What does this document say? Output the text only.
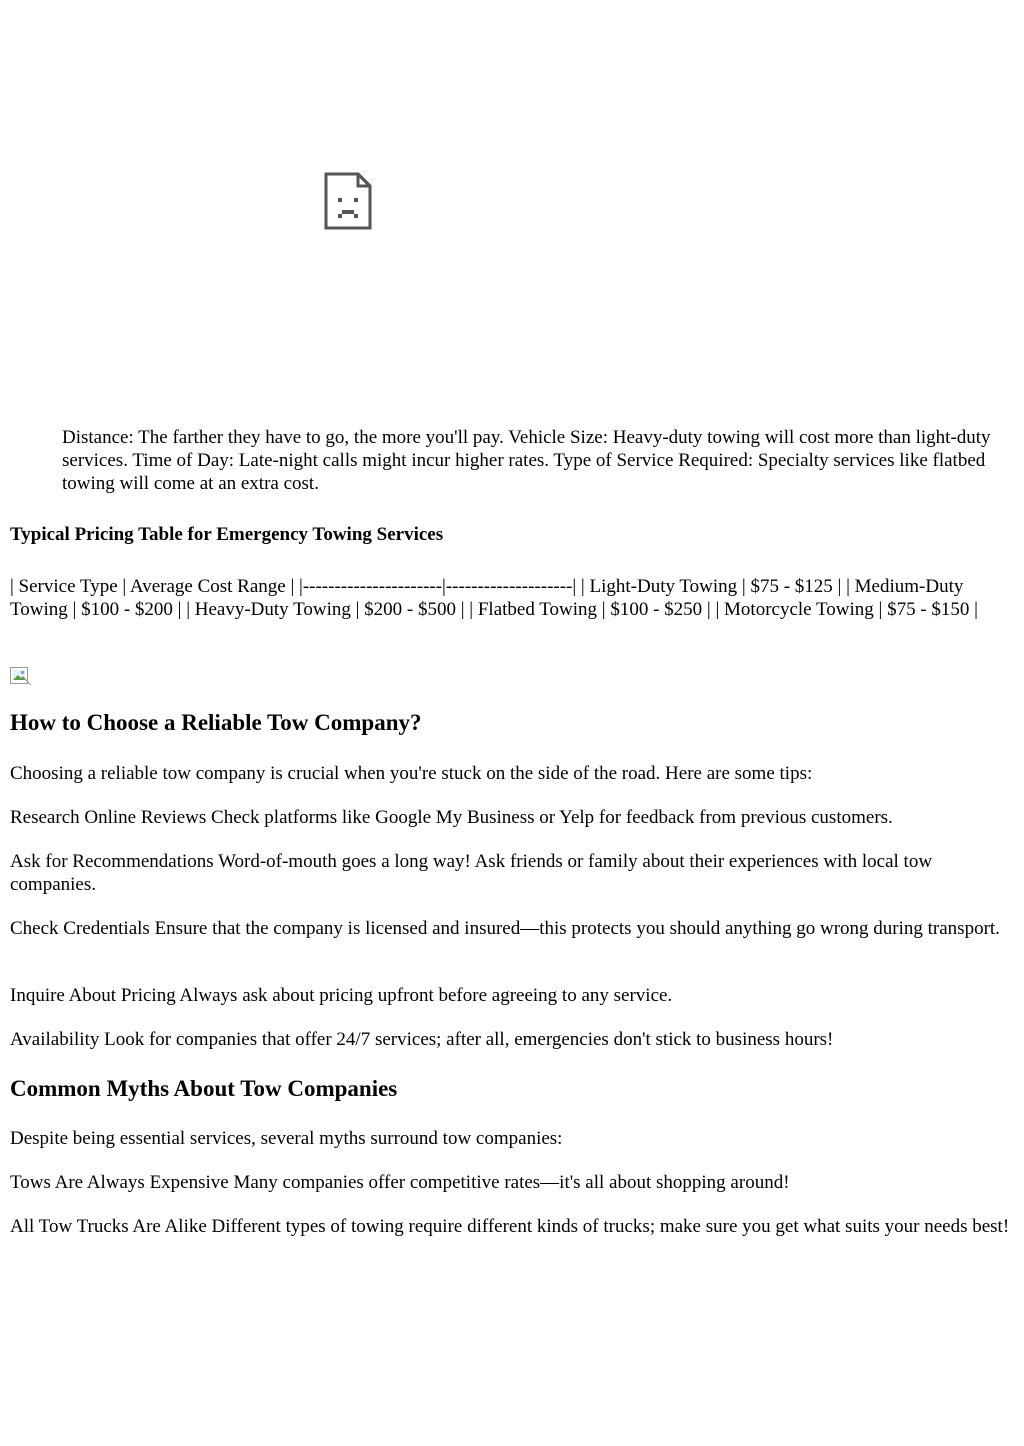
Distance: The farther they have to go, the more you'll pay. Vehicle Size: Heavy-duty towing will cost more than light-duty services. Time of Day: Late-night calls might incur higher rates. Type of Service Required: Specialty services like flatbed towing will come at an extra cost.

Typical Pricing Table for Emergency Towing Services

| Service Type | Average Cost Range | |----------------------|--------------------| | Light-Duty Towing | $75 - $125 | | Medium-Duty Towing | $100 - $200 | | Heavy-Duty Towing | $200 - $500 | | Flatbed Towing | $100 - $250 | | Motorcycle Towing | $75 - $150 |

How to Choose a Reliable Tow Company?

Choosing a reliable tow company is crucial when you're stuck on the side of the road. Here are some tips:

Research Online Reviews Check platforms like Google My Business or Yelp for feedback from previous customers.

Ask for Recommendations Word-of-mouth goes a long way! Ask friends or family about their experiences with local tow companies.

Check Credentials Ensure that the company is licensed and insured—this protects you should anything go wrong during transport.

Inquire About Pricing Always ask about pricing upfront before agreeing to any service.

Availability Look for companies that offer 24/7 services; after all, emergencies don't stick to business hours!

Common Myths About Tow Companies

Despite being essential services, several myths surround tow companies:

Tows Are Always Expensive Many companies offer competitive rates—it's all about shopping around!

All Tow Trucks Are Alike Different types of towing require different kinds of trucks; make sure you get what suits your needs best!
